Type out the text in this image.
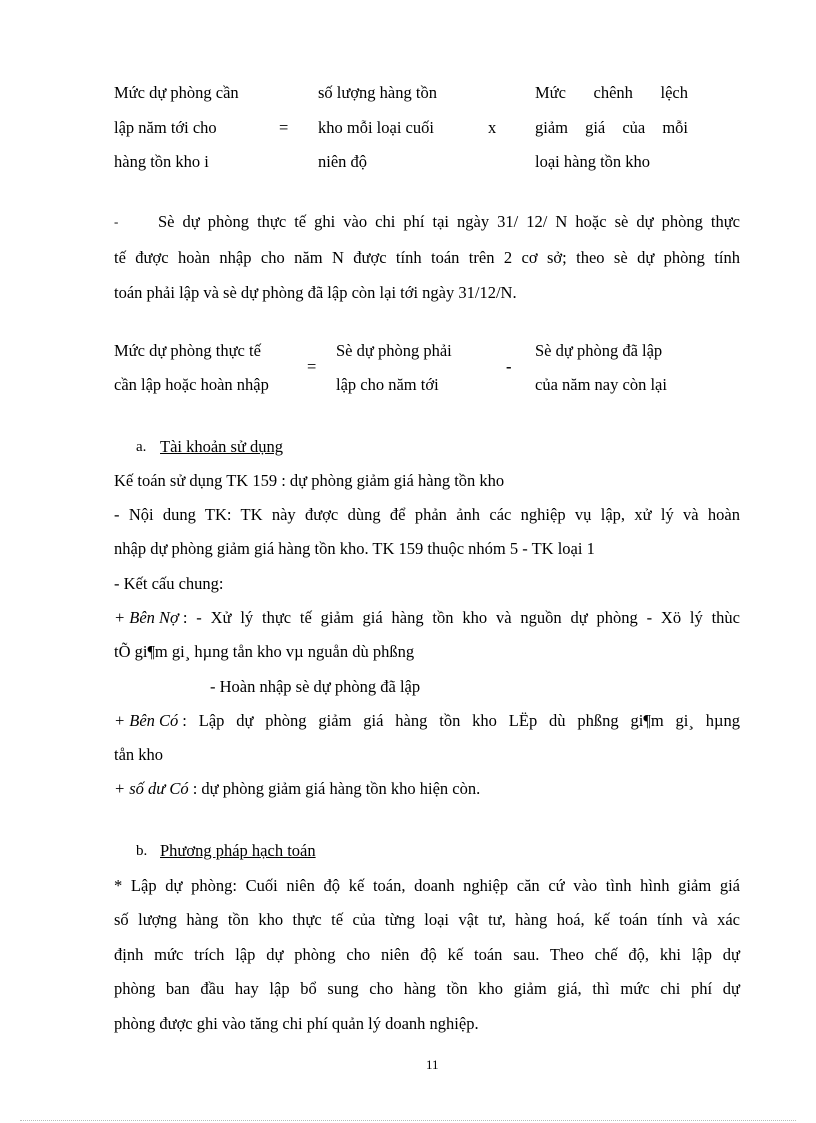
Mức dự phòng cần
lập năm tới cho
hàng tồn kho i
=
số lượng hàng tồn
kho mỗi loại cuối
niên độ
x
Mức chênh lệch
giảm giá của mỗi
loại hàng tồn kho
- Sè dự phòng thực tế ghi vào chi phí tại ngày 31/ 12/ N hoặc sè dự phòng thực
tế được hoàn nhập cho năm N được tính toán trên 2 cơ sở; theo sè dự phòng tính
toán phải lập và sè dự phòng đã lập còn lại tới ngày 31/12/N.
Mức dự phòng thực tế
cần lập hoặc hoàn nhập
=
Sè dự phòng phải
lập cho năm tới
-
Sè dự phòng đã lập
của năm nay còn lại
a. Tài khoản sử dụng
Kế toán sử dụng TK 159 : dự phòng giảm giá hàng tồn kho
- Nội dung TK: TK này được dùng để phản ảnh các nghiệp vụ lập, xử lý và hoàn
nhập dự phòng giảm giá hàng tồn kho. TK 159 thuộc nhóm 5 - TK loại 1
- Kết cấu chung:
+ Bên Nợ : - Xử lý thực tế giảm giá hàng tồn kho và nguồn dự phòng - Xö lý thùc
tÕ gi¶m gi¸ hµng tån kho vµ nguån dù phßng
- Hoàn nhập sè dự phòng đã lập
+ Bên Có : Lập dự phòng giảm giá hàng tồn kho LËp dù phßng gi¶m gi¸ hµng
tån kho
+ số dư Có : dự phòng giảm giá hàng tồn kho hiện còn.
b. Phương pháp hạch toán
* Lập dự phòng: Cuối niên độ kế toán, doanh nghiệp căn cứ vào tình hình giảm giá
số lượng hàng tồn kho thực tế của từng loại vật tư, hàng hoá, kế toán tính và xác
định mức trích lập dự phòng cho niên độ kế toán sau. Theo chế độ, khi lập dự
phòng ban đầu hay lập bổ sung cho hàng tồn kho giảm giá, thì mức chi phí dự
phòng được ghi vào tăng chi phí quản lý doanh nghiệp.
11
